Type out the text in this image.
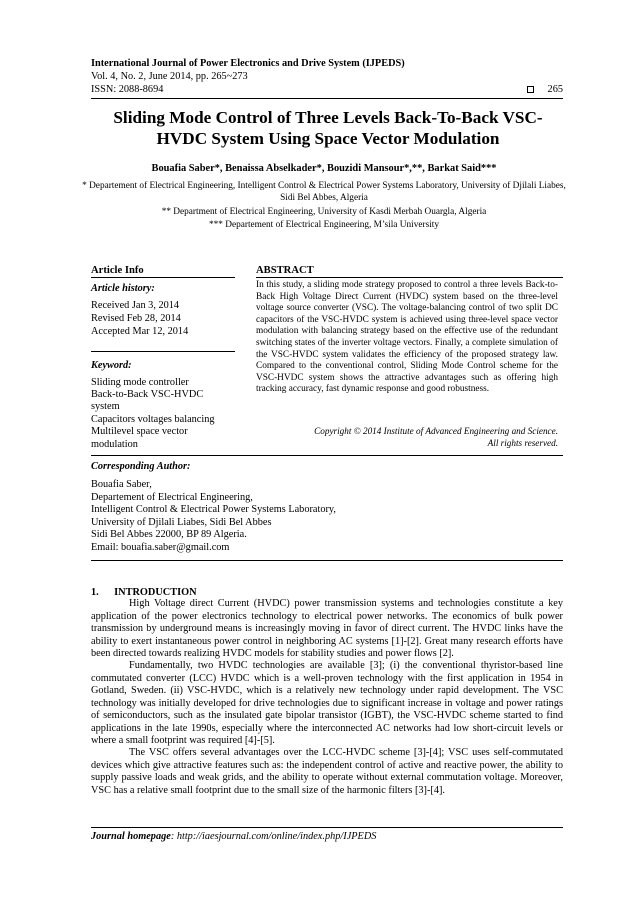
International Journal of Power Electronics and Drive System (IJPEDS)
Vol. 4, No. 2, June 2014, pp. 265~273
ISSN: 2088-8694	265
Sliding Mode Control of Three Levels Back-To-Back VSC-HVDC System Using Space Vector Modulation
Bouafia Saber*, Benaissa Abselkader*, Bouzidi Mansour*,**, Barkat Said***
* Departement of Electrical Engineering, Intelligent Control & Electrical Power Systems Laboratory, University of Djilali Liabes, Sidi Bel Abbes, Algeria
** Department of Electrical Engineering, University of Kasdi Merbah Ouargla, Algeria
*** Departement of Electrical Engineering, M’sila University
Article Info
Article history:
Received Jan 3, 2014
Revised Feb 28, 2014
Accepted Mar 12, 2014
Keyword:
Sliding mode controller
Back-to-Back VSC-HVDC
system
Capacitors voltages balancing
Multilevel space vector
modulation
ABSTRACT
In this study, a sliding mode strategy proposed to control a three levels Back-to-Back High Voltage Direct Current (HVDC) system based on the three-level voltage source converter (VSC). The voltage-balancing control of two split DC capacitors of the VSC-HVDC system is achieved using three-level space vector modulation with balancing strategy based on the effective use of the redundant switching states of the inverter voltage vectors. Finally, a complete simulation of the VSC-HVDC system validates the efficiency of the proposed strategy law. Compared to the conventional control, Sliding Mode Control scheme for the VSC-HVDC system shows the attractive advantages such as offering high tracking accuracy, fast dynamic response and good robustness.
Copyright © 2014 Institute of Advanced Engineering and Science.
All rights reserved.
Corresponding Author:
Bouafia Saber,
Departement of Electrical Engineering,
Intelligent Control & Electrical Power Systems Laboratory,
University of Djilali Liabes, Sidi Bel Abbes
Sidi Bel Abbes 22000, BP 89 Algeria.
Email: bouafia.saber@gmail.com
1.      INTRODUCTION
High Voltage direct Current (HVDC) power transmission systems and technologies constitute a key application of the power electronics technology to electrical power networks. The economics of bulk power transmission by underground means is increasingly moving in favor of direct current. The HVDC links have the ability to exert instantaneous power control in neighboring AC systems [1]-[2]. Great many research efforts have been directed towards realizing HVDC models for stability studies and power flows [2].
Fundamentally, two HVDC technologies are available [3]; (i) the conventional thyristor-based line commutated converter (LCC) HVDC which is a well-proven technology with the first application in 1954 in Gotland, Sweden. (ii) VSC-HVDC, which is a relatively new technology under rapid development. The VSC technology was initially developed for drive technologies due to significant increase in voltage and power ratings of semiconductors, such as the insulated gate bipolar transistor (IGBT), the VSC-HVDC scheme started to find applications in the late 1990s, especially where the interconnected AC networks had low short-circuit levels or where a small footprint was required [4]-[5].
The VSC offers several advantages over the LCC-HVDC scheme [3]-[4]; VSC uses self-commutated devices which give attractive features such as: the independent control of active and reactive power, the ability to supply passive loads and weak grids, and the ability to operate without external commutation voltage. Moreover, VSC has a relative small footprint due to the small size of the harmonic filters [3]-[4].
Journal homepage: http://iaesjournal.com/online/index.php/IJPEDS
